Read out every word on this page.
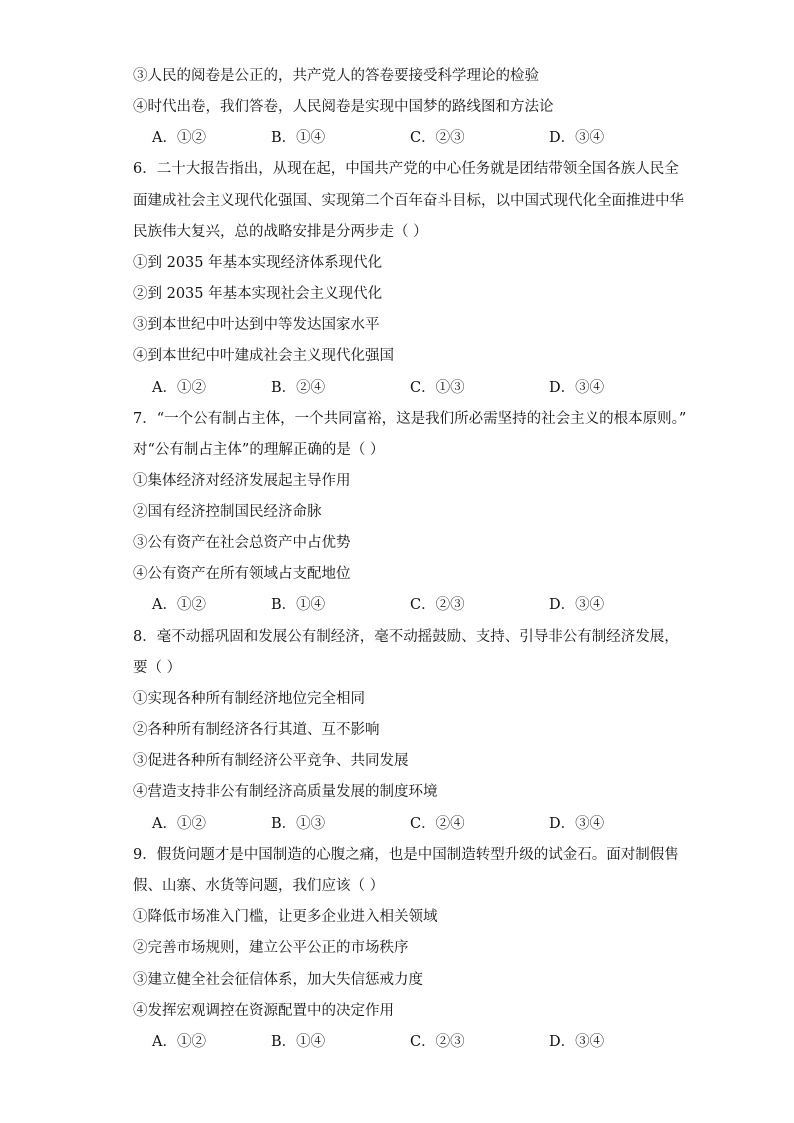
③人民的阅卷是公正的，共产党人的答卷要接受科学理论的检验
④时代出卷，我们答卷，人民阅卷是实现中国梦的路线图和方法论
A．①②	B．①④	C．②③	D．③④
6．二十大报告指出，从现在起，中国共产党的中心任务就是团结带领全国各族人民全
面建成社会主义现代化强国、实现第二个百年奋斗目标，以中国式现代化全面推进中华
民族伟大复兴，总的战略安排是分两步走（ ）
①到 2035 年基本实现经济体系现代化
②到 2035 年基本实现社会主义现代化
③到本世纪中叶达到中等发达国家水平
④到本世纪中叶建成社会主义现代化强国
A．①②	B．②④	C．①③	D．③④
7．“一个公有制占主体，一个共同富裕，这是我们所必需坚持的社会主义的根本原则。”
对“公有制占主体”的理解正确的是（ ）
①集体经济对经济发展起主导作用
②国有经济控制国民经济命脉
③公有资产在社会总资产中占优势
④公有资产在所有领域占支配地位
A．①②	B．①④	C．②③	D．③④
8．毫不动摇巩固和发展公有制经济，毫不动摇鼓励、支持、引导非公有制经济发展，
要（ ）
①实现各种所有制经济地位完全相同
②各种所有制经济各行其道、互不影响
③促进各种所有制经济公平竞争、共同发展
④营造支持非公有制经济高质量发展的制度环境
A．①②	B．①③	C．②④	D．③④
9．假货问题才是中国制造的心腹之痛，也是中国制造转型升级的试金石。面对制假售
假、山寨、水货等问题，我们应该（ ）
①降低市场准入门槛，让更多企业进入相关领域
②完善市场规则，建立公平公正的市场秩序
③建立健全社会征信体系，加大失信惩戒力度
④发挥宏观调控在资源配置中的决定作用
A．①②	B．①④	C．②③	D．③④
